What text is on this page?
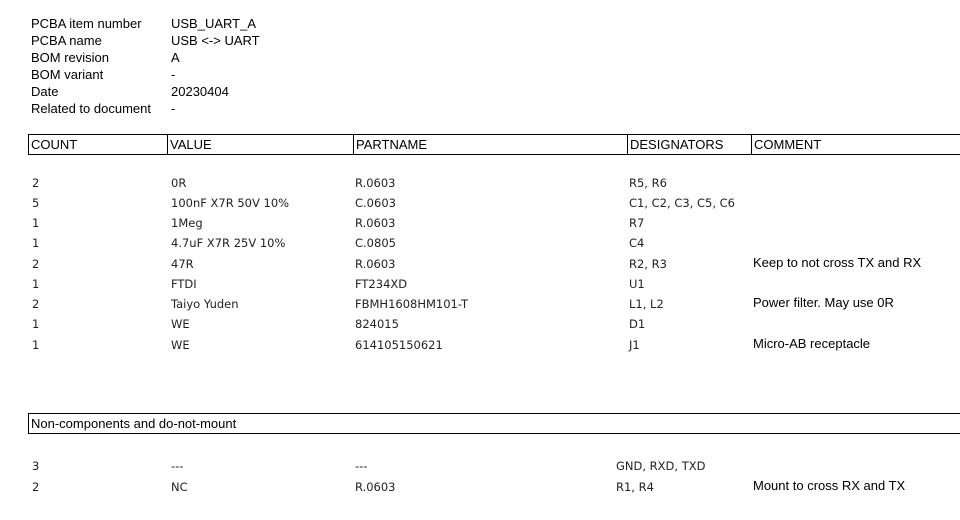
PCBA item number	USB_UART_A
PCBA name	USB <-> UART
BOM revision	A
BOM variant	-
Date	20230404
Related to document	-
COUNT	VALUE	PARTNAME	DESIGNATORS	COMMENT
2	0R	R.0603	R5, R6
5	100nF X7R 50V 10%	C.0603	C1, C2, C3, C5, C6
1	1Meg	R.0603	R7
1	4.7uF X7R 25V 10%	C.0805	C4
2	47R	R.0603	R2, R3	Keep to not cross TX and RX
1	FTDI	FT234XD	U1
2	Taiyo Yuden	FBMH1608HM101-T	L1, L2	Power filter. May use 0R
1	WE	824015	D1
1	WE	614105150621	J1	Micro-AB receptacle
Non-components and do-not-mount
3	---	---	GND, RXD, TXD
2	NC	R.0603	R1, R4	Mount to cross RX and TX
